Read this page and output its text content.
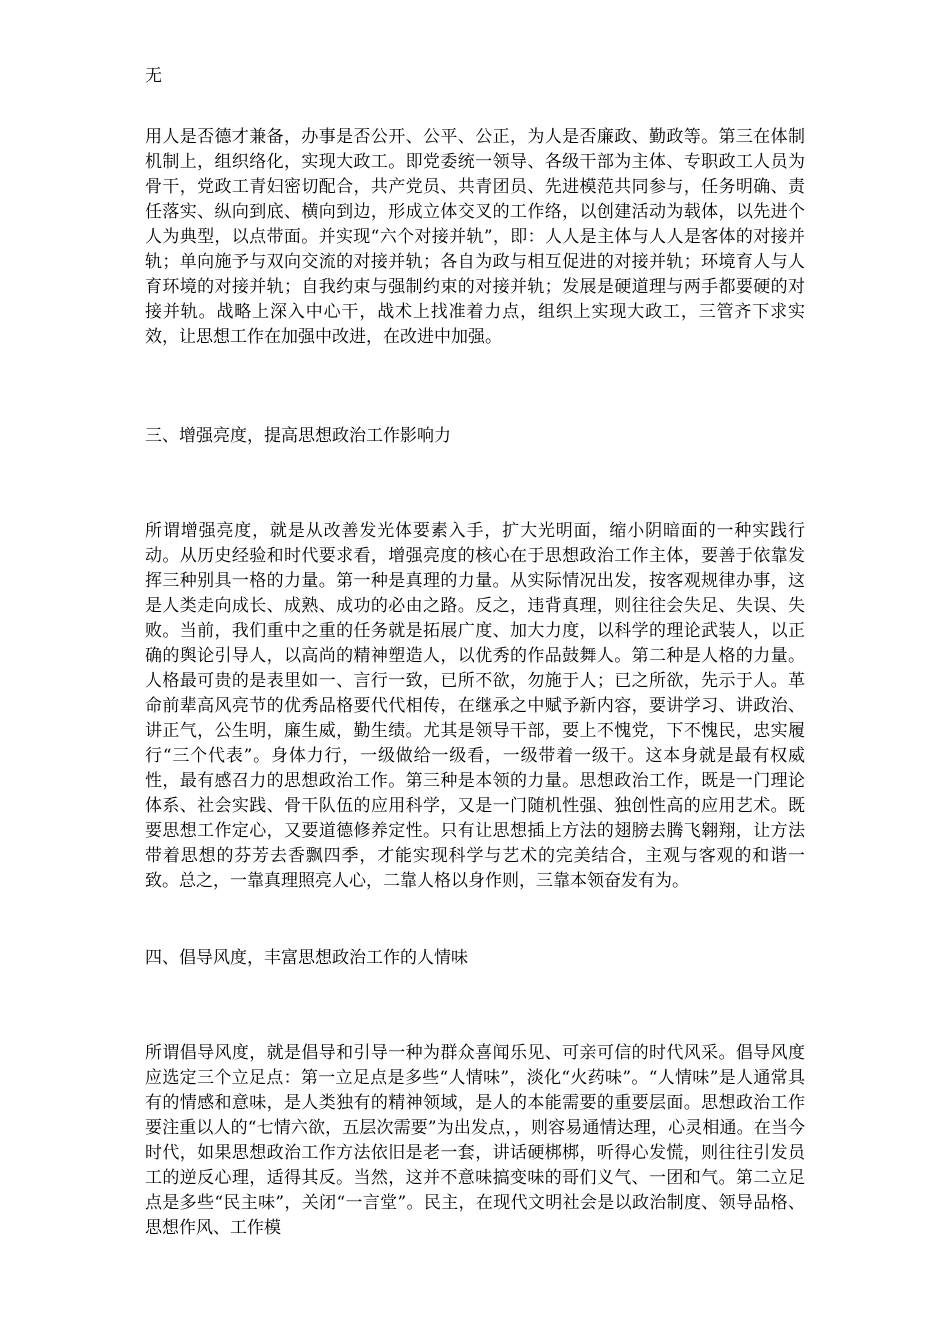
无

用人是否德才兼备，办事是否公开、公平、公正，为人是否廉政、勤政等。第三在体制机制上，组织络化，实现大政工。即党委统一领导、各级干部为主体、专职政工人员为骨干，党政工青妇密切配合，共产党员、共青团员、先进模范共同参与，任务明确、责任落实、纵向到底、横向到边，形成立体交叉的工作络，以创建活动为载体，以先进个人为典型，以点带面。并实现“六个对接并轨”，即：人人是主体与人人是客体的对接并轨；单向施予与双向交流的对接并轨；各自为政与相互促进的对接并轨；环境育人与人育环境的对接并轨；自我约束与强制约束的对接并轨；发展是硬道理与两手都要硬的对接并轨。战略上深入中心干，战术上找准着力点，组织上实现大政工，三管齐下求实效，让思想工作在加强中改进，在改进中加强。

三、增强亮度，提高思想政治工作影响力

所谓增强亮度，就是从改善发光体要素入手，扩大光明面，缩小阴暗面的一种实践行动。从历史经验和时代要求看，增强亮度的核心在于思想政治工作主体，要善于依靠发挥三种别具一格的力量。第一种是真理的力量。从实际情况出发，按客观规律办事，这是人类走向成长、成熟、成功的必由之路。反之，违背真理，则往往会失足、失误、失败。当前，我们重中之重的任务就是拓展广度、加大力度，以科学的理论武装人，以正确的舆论引导人，以高尚的精神塑造人，以优秀的作品鼓舞人。第二种是人格的力量。人格最可贵的是表里如一、言行一致，已所不欲，勿施于人；已之所欲，先示于人。革命前辈高风亮节的优秀品格要代代相传，在继承之中赋予新内容，要讲学习、讲政治、讲正气，公生明，廉生威，勤生绩。尤其是领导干部，要上不愧党，下不愧民，忠实履行“三个代表”。身体力行，一级做给一级看，一级带着一级干。这本身就是最有权威性，最有感召力的思想政治工作。第三种是本领的力量。思想政治工作，既是一门理论体系、社会实践、骨干队伍的应用科学，又是一门随机性强、独创性高的应用艺术。既要思想工作定心，又要道德修养定性。只有让思想插上方法的翅膀去腾飞翱翔，让方法带着思想的芬芳去香飘四季，才能实现科学与艺术的完美结合，主观与客观的和谐一致。总之，一靠真理照亮人心，二靠人格以身作则，三靠本领奋发有为。

四、倡导风度，丰富思想政治工作的人情味

所谓倡导风度，就是倡导和引导一种为群众喜闻乐见、可亲可信的时代风采。倡导风度应选定三个立足点：第一立足点是多些“人情味”，淡化“火药味”。“人情味”是人通常具有的情感和意味，是人类独有的精神领域，是人的本能需要的重要层面。思想政治工作要注重以人的“七情六欲，五层次需要”为出发点，，则容易通情达理，心灵相通。在当今时代，如果思想政治工作方法依旧是老一套，讲话硬梆梆，听得心发慌，则往往引发员工的逆反心理，适得其反。当然，这并不意味搞变味的哥们义气、一团和气。第二立足点是多些“民主味”，关闭“一言堂”。民主，在现代文明社会是以政治制度、领导品格、思想作风、工作模
